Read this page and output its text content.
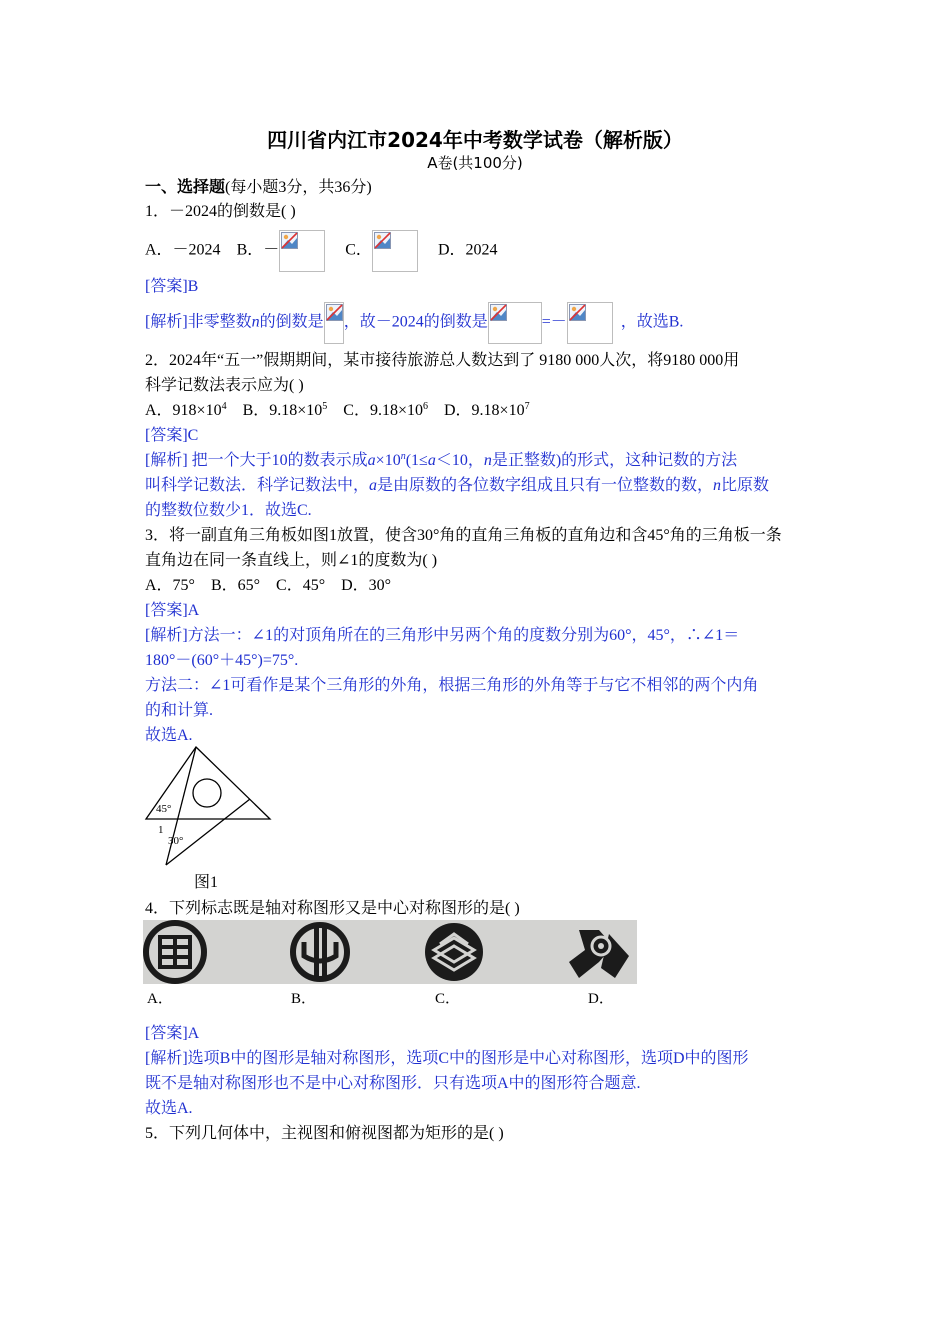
四川省内江市2024年中考数学试卷（解析版）
A卷(共100分)
一、选择题(每小题3分，共36分)
1．－2024的倒数是( )
A．－2024 B．－	C．	D．2024
[答案]B
[解析]非零整数n的倒数是 ，故－2024的倒数是	=－	，故选B.
2．2024年“五一”假期期间，某市接待旅游总人数达到了 9180 000人次，将9180 000用
科学记数法表示应为( )
A．$918\times 10^4$ B．$9.18\times 10^5$ C．$9.18\times 10^6$ D．$9.18\times 10^7$
[答案]C
[解析] 把一个大于10的数表示成$a\times 10^n(1\le a<10$，n是正整数)的形式，这种记数的方法
叫科学记数法．科学记数法中，a是由原数的各位数字组成且只有一位整数的数，n比原数
的整数位数少1．故选C.
3．将一副直角三角板如图1放置，使含30°角的直角三角板的直角边和含45°角的三角板一条
直角边在同一条直线上，则∠1的度数为( )
A．75°    B．65°    C．45°    D．30°
[答案]A
[解析]方法一：∠1的对顶角所在的三角形中另两个角的度数分别为60°，45°，∴∠1＝
180°－(60°＋45°)=75°.
方法二：∠1可看作是某个三角形的外角，根据三角形的外角等于与它不相邻的两个内角
的和计算.
故选A.
45°
1
30°
图1
4．下列标志既是轴对称图形又是中心对称图形的是( )
A．	B．	C．	D．
[答案]A
[解析]选项B中的图形是轴对称图形，选项C中的图形是中心对称图形，选项D中的图形
既不是轴对称图形也不是中心对称图形．只有选项A中的图形符合题意.
故选A.
5．下列几何体中，主视图和俯视图都为矩形的是( )
